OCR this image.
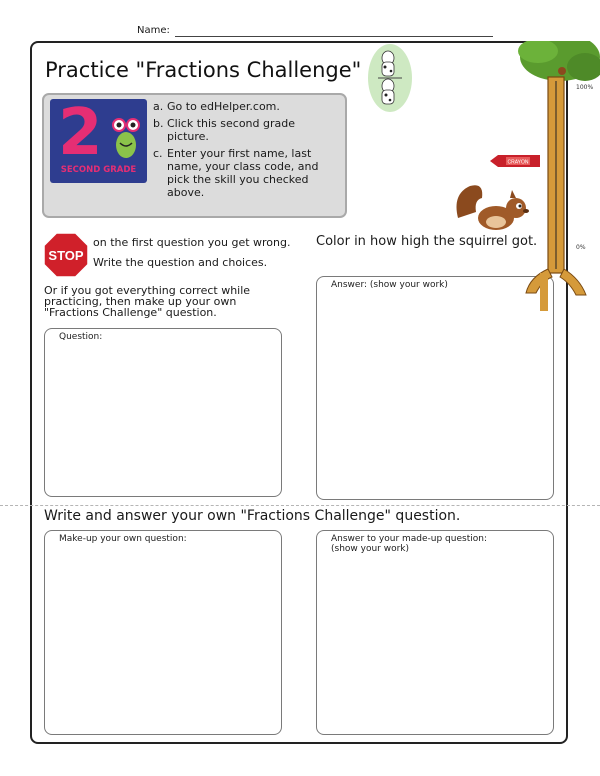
Name:
Practice "Fractions Challenge"
2
SECOND GRADE
a. Go to edHelper.com.
b. Click this second grade picture.
c. Enter your first name, last name, your class code, and pick the skill you checked above.
STOP
on the first question you get wrong.
Write the question and choices.
Color in how high the squirrel got.
Or if you got everything correct while practicing, then make up your own "Fractions Challenge" question.
Question:
Answer: (show your work)
Write and answer your own "Fractions Challenge" question.
Make-up your own question:	Answer to your made-up question:
(show your work)
100%
0%
CRAYON
